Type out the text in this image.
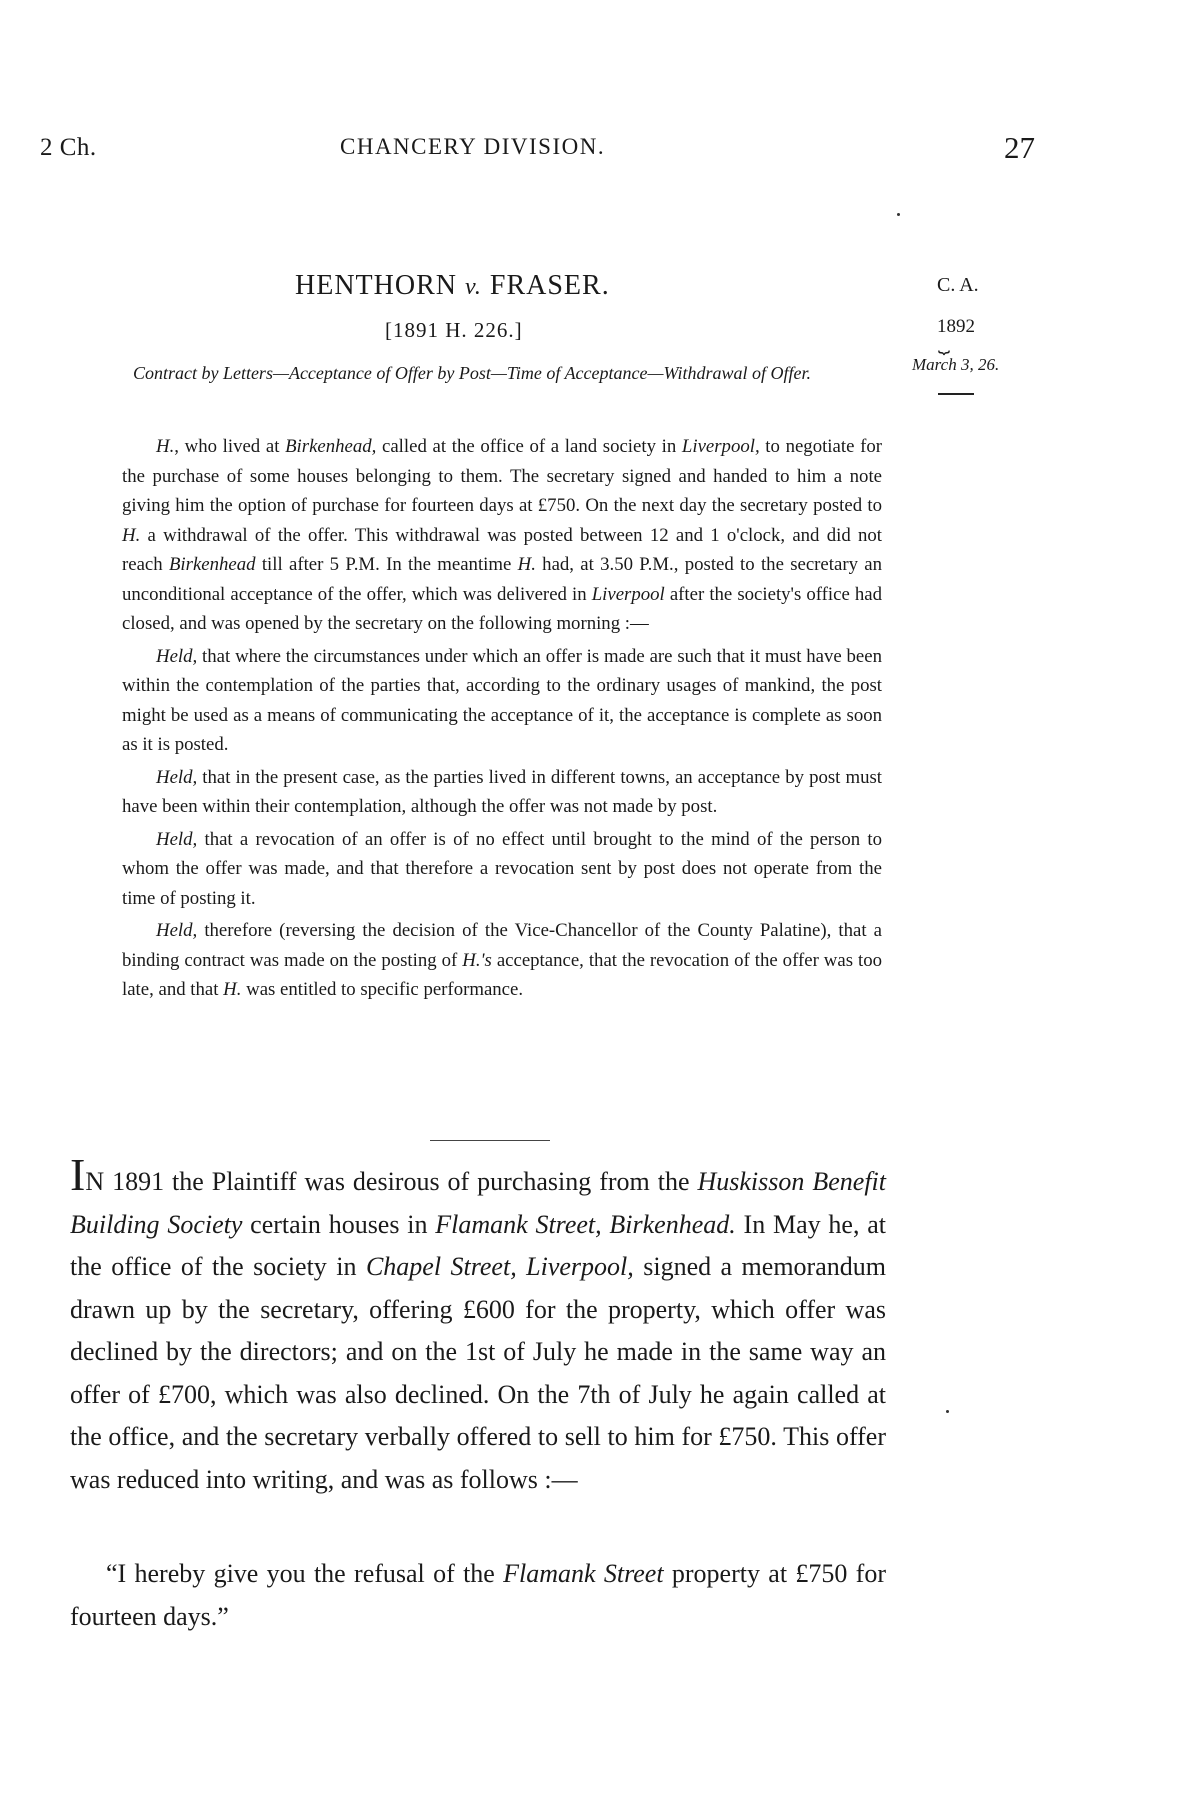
2 Ch.	CHANCERY DIVISION.	27
HENTHORN v. FRASER.
[1891 H. 226.]
C. A.
1892
⏟
March 3, 26.
Contract by Letters—Acceptance of Offer by Post—Time of Acceptance—Withdrawal of Offer.

H., who lived at Birkenhead, called at the office of a land society in Liverpool, to negotiate for the purchase of some houses belonging to them. The secretary signed and handed to him a note giving him the option of purchase for fourteen days at £750. On the next day the secretary posted to H. a withdrawal of the offer. This withdrawal was posted between 12 and 1 o'clock, and did not reach Birkenhead till after 5 P.M. In the meantime H. had, at 3.50 P.M., posted to the secretary an unconditional acceptance of the offer, which was delivered in Liverpool after the society's office had closed, and was opened by the secretary on the following morning :—

Held, that where the circumstances under which an offer is made are such that it must have been within the contemplation of the parties that, according to the ordinary usages of mankind, the post might be used as a means of communicating the acceptance of it, the acceptance is complete as soon as it is posted.

Held, that in the present case, as the parties lived in different towns, an acceptance by post must have been within their contemplation, although the offer was not made by post.

Held, that a revocation of an offer is of no effect until brought to the mind of the person to whom the offer was made, and that therefore a revocation sent by post does not operate from the time of posting it.

Held, therefore (reversing the decision of the Vice-Chancellor of the County Palatine), that a binding contract was made on the posting of H.'s acceptance, that the revocation of the offer was too late, and that H. was entitled to specific performance.

IN 1891 the Plaintiff was desirous of purchasing from the Huskisson Benefit Building Society certain houses in Flamank Street, Birkenhead. In May he, at the office of the society in Chapel Street, Liverpool, signed a memorandum drawn up by the secretary, offering £600 for the property, which offer was declined by the directors; and on the 1st of July he made in the same way an offer of £700, which was also declined. On the 7th of July he again called at the office, and the secretary verbally offered to sell to him for £750. This offer was reduced into writing, and was as follows :—

“I hereby give you the refusal of the Flamank Street property at £750 for fourteen days.”
